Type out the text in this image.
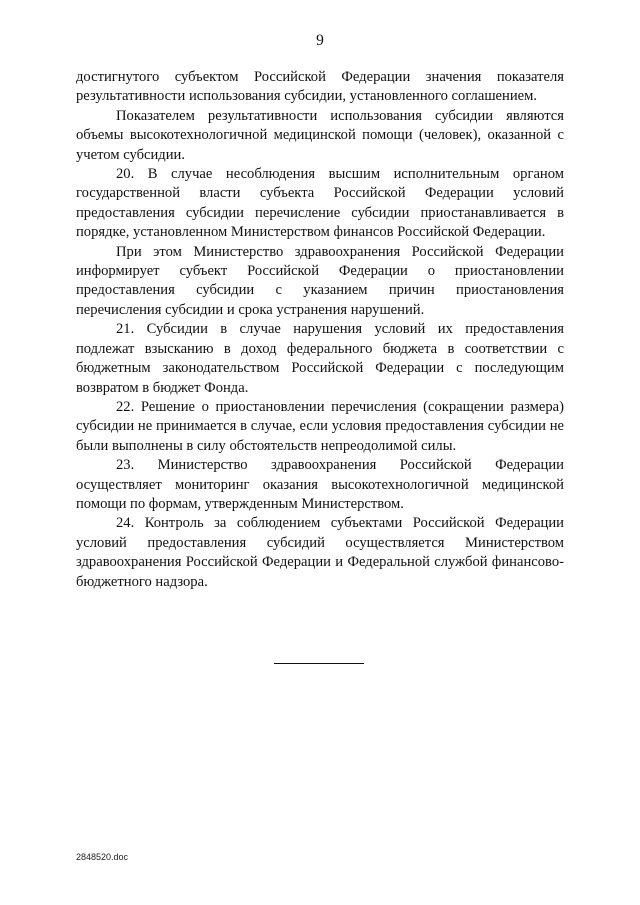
9

достигнутого субъектом Российской Федерации значения показателя результативности использования субсидии, установленного соглашением.

Показателем результативности использования субсидии являются объемы высокотехнологичной медицинской помощи (человек), оказанной с учетом субсидии.

20. В случае несоблюдения высшим исполнительным органом государственной власти субъекта Российской Федерации условий предоставления субсидии перечисление субсидии приостанавливается в порядке, установленном Министерством финансов Российской Федерации.

При этом Министерство здравоохранения Российской Федерации информирует субъект Российской Федерации о приостановлении предоставления субсидии с указанием причин приостановления перечисления субсидии и срока устранения нарушений.

21. Субсидии в случае нарушения условий их предоставления подлежат взысканию в доход федерального бюджета в соответствии с бюджетным законодательством Российской Федерации с последующим возвратом в бюджет Фонда.

22. Решение о приостановлении перечисления (сокращении размера) субсидии не принимается в случае, если условия предоставления субсидии не были выполнены в силу обстоятельств непреодолимой силы.

23. Министерство здравоохранения Российской Федерации осуществляет мониторинг оказания высокотехнологичной медицинской помощи по формам, утвержденным Министерством.

24. Контроль за соблюдением субъектами Российской Федерации условий предоставления субсидий осуществляется Министерством здравоохранения Российской Федерации и Федеральной службой финансово-бюджетного надзора.

2848520.doc
